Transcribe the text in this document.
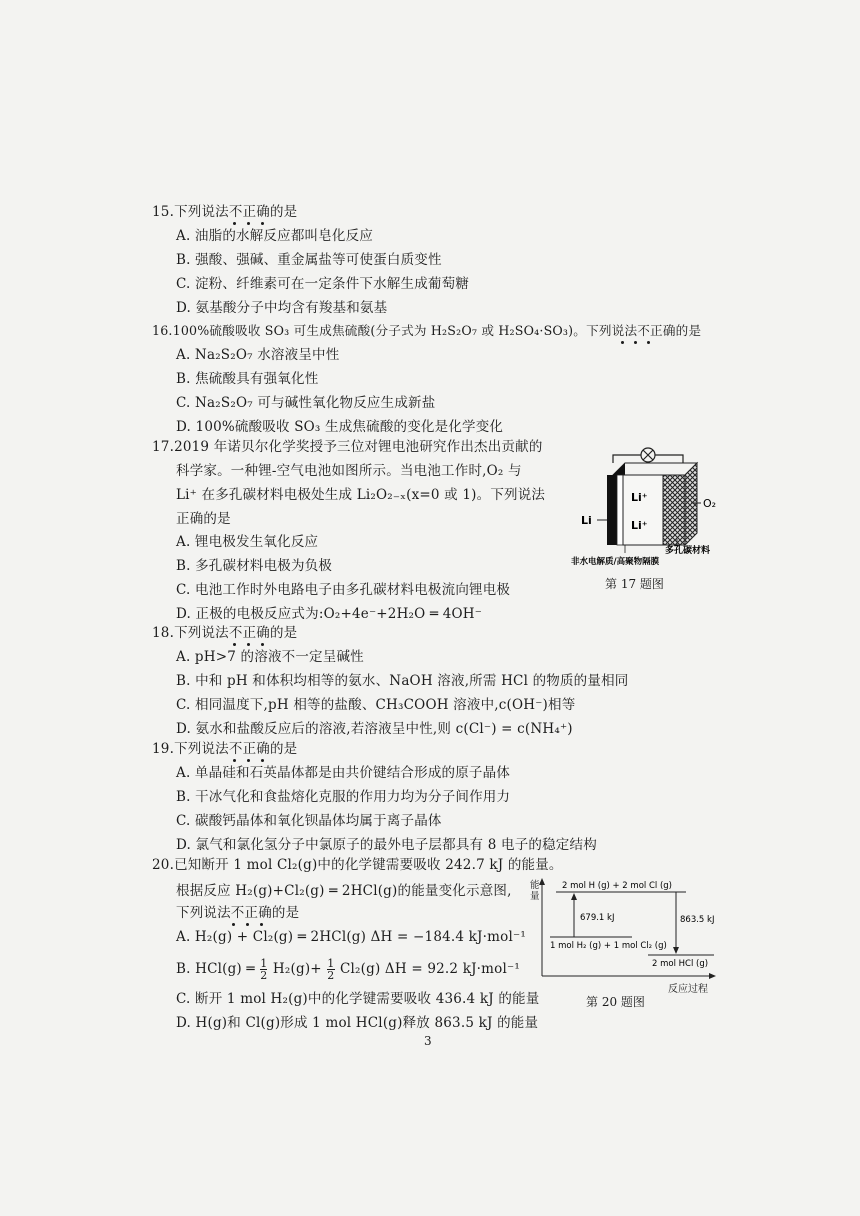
15.下列说法不正确的是
A. 油脂的水解反应都叫皂化反应
B. 强酸、强碱、重金属盐等可使蛋白质变性
C. 淀粉、纤维素可在一定条件下水解生成葡萄糖
D. 氨基酸分子中均含有羧基和氨基
16.100%硫酸吸收 SO₃ 可生成焦硫酸(分子式为 H₂S₂O₇ 或 H₂SO₄·SO₃)。下列说法不正确的是
A. Na₂S₂O₇ 水溶液呈中性
B. 焦硫酸具有强氧化性
C. Na₂S₂O₇ 可与碱性氧化物反应生成新盐
D. 100%硫酸吸收 SO₃ 生成焦硫酸的变化是化学变化
17.2019 年诺贝尔化学奖授予三位对锂电池研究作出杰出贡献的
科学家。一种锂-空气电池如图所示。当电池工作时,O₂ 与
Li⁺ 在多孔碳材料电极处生成 Li₂O₂₋ₓ(x=0 或 1)。下列说法
正确的是
A. 锂电极发生氧化反应
B. 多孔碳材料电极为负极
C. 电池工作时外电路电子由多孔碳材料电极流向锂电极
D. 正极的电极反应式为:O₂+4e⁻+2H₂O ═ 4OH⁻
Li
Li⁺
Li⁺
O₂
多孔碳材料
非水电解质/高聚物隔膜
第 17 题图
18.下列说法不正确的是
A. pH>7 的溶液不一定呈碱性
B. 中和 pH 和体积均相等的氨水、NaOH 溶液,所需 HCl 的物质的量相同
C. 相同温度下,pH 相等的盐酸、CH₃COOH 溶液中,c(OH⁻)相等
D. 氨水和盐酸反应后的溶液,若溶液呈中性,则 c(Cl⁻) = c(NH₄⁺)
19.下列说法不正确的是
A. 单晶硅和石英晶体都是由共价键结合形成的原子晶体
B. 干冰气化和食盐熔化克服的作用力均为分子间作用力
C. 碳酸钙晶体和氧化钡晶体均属于离子晶体
D. 氯气和氯化氢分子中氯原子的最外电子层都具有 8 电子的稳定结构
20.已知断开 1 mol Cl₂(g)中的化学键需要吸收 242.7 kJ 的能量。
根据反应 H₂(g)+Cl₂(g) ═ 2HCl(g)的能量变化示意图,
下列说法不正确的是
A. H₂(g) + Cl₂(g) ═ 2HCl(g) ΔH = −184.4 kJ·mol⁻¹
B. HCl(g) ═ $\frac{1}{2} H_2(g)+ \frac{1}{2} Cl_2(g) \Delta H = 92.2$ kJ·mol⁻¹
C. 断开 1 mol H₂(g)中的化学键需要吸收 436.4 kJ 的能量
D. H(g)和 Cl(g)形成 1 mol HCl(g)释放 863.5 kJ 的能量
2 mol H (g) + 2 mol Cl (g)
1 mol H₂ (g) + 1 mol Cl₂ (g)
2 mol HCl (g)
679.1 kJ	863.5 kJ
能量
反应过程
第 20 题图
3
